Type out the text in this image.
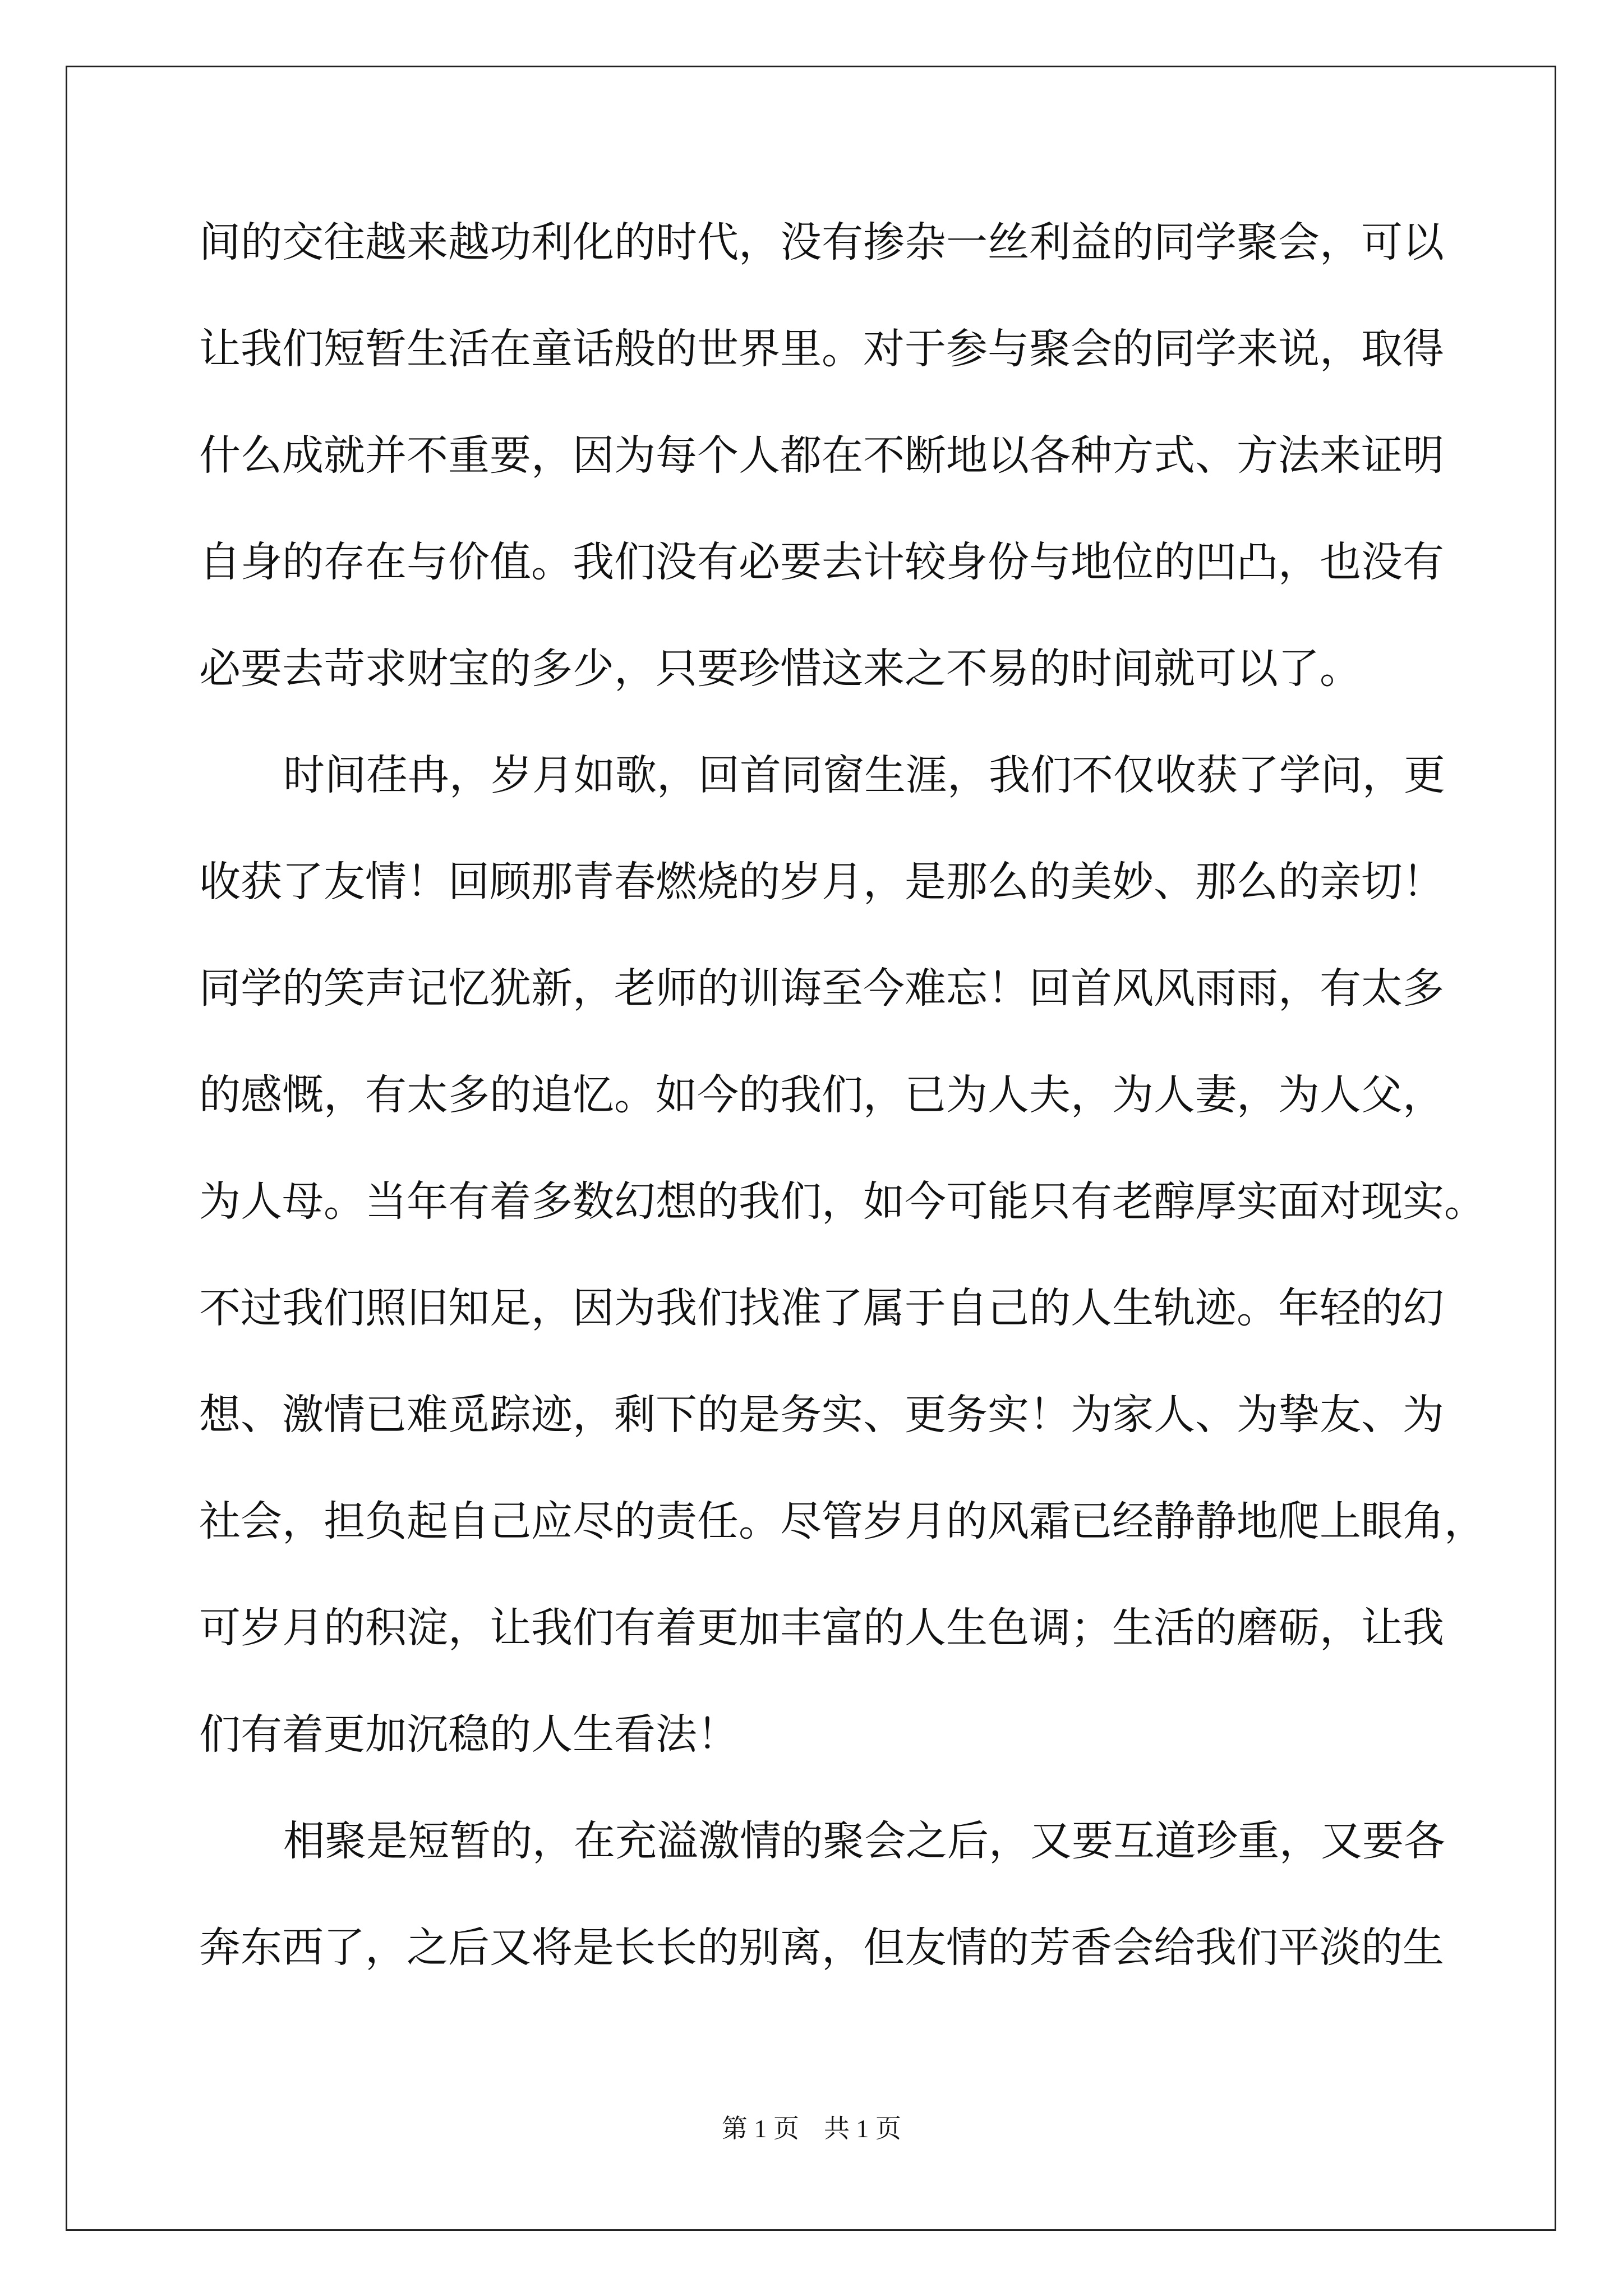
间的交往越来越功利化的时代，没有掺杂一丝利益的同学聚会，可以
让我们短暂生活在童话般的世界里。对于参与聚会的同学来说，取得
什么成就并不重要，因为每个人都在不断地以各种方式、方法来证明
自身的存在与价值。我们没有必要去计较身份与地位的凹凸，也没有
必要去苛求财宝的多少，只要珍惜这来之不易的时间就可以了。
时间荏冉，岁月如歌，回首同窗生涯，我们不仅收获了学问，更
收获了友情！回顾那青春燃烧的岁月，是那么的美妙、那么的亲切！
同学的笑声记忆犹新，老师的训诲至今难忘！回首风风雨雨，有太多
的感慨，有太多的追忆。如今的我们，已为人夫，为人妻，为人父，
为人母。当年有着多数幻想的我们，如今可能只有老醇厚实面对现实。
不过我们照旧知足，因为我们找准了属于自己的人生轨迹。年轻的幻
想、激情已难觅踪迹，剩下的是务实、更务实！为家人、为挚友、为
社会，担负起自己应尽的责任。尽管岁月的风霜已经静静地爬上眼角，
可岁月的积淀，让我们有着更加丰富的人生色调；生活的磨砺，让我
们有着更加沉稳的人生看法！
相聚是短暂的，在充溢激情的聚会之后，又要互道珍重，又要各
奔东西了，之后又将是长长的别离，但友情的芳香会给我们平淡的生
第 1 页 共 1 页
